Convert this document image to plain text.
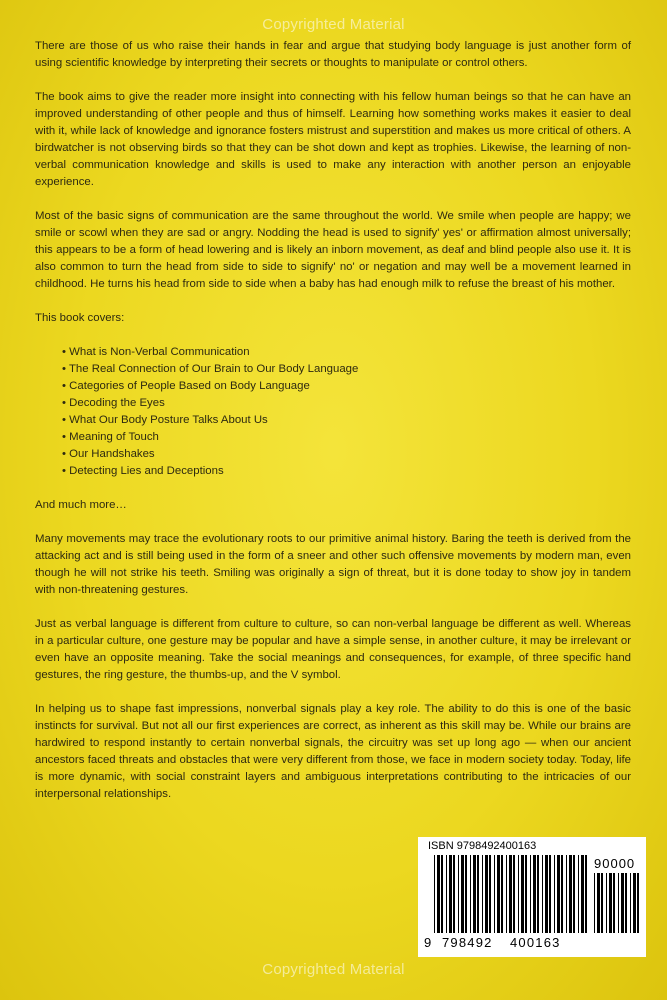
Copyrighted Material

There are those of us who raise their hands in fear and argue that studying body language is just another form of using scientific knowledge by interpreting their secrets or thoughts to manipulate or control others.

The book aims to give the reader more insight into connecting with his fellow human beings so that he can have an improved understanding of other people and thus of himself. Learning how something works makes it easier to deal with it, while lack of knowledge and ignorance fosters mistrust and superstition and makes us more critical of others. A birdwatcher is not observing birds so that they can be shot down and kept as trophies. Likewise, the learning of non-verbal communication knowledge and skills is used to make any interaction with another person an enjoyable experience.

Most of the basic signs of communication are the same throughout the world. We smile when people are happy; we smile or scowl when they are sad or angry. Nodding the head is used to signify' yes' or affirmation almost universally; this appears to be a form of head lowering and is likely an inborn movement, as deaf and blind people also use it. It is also common to turn the head from side to side to signify' no' or negation and may well be a movement learned in childhood. He turns his head from side to side when a baby has had enough milk to refuse the breast of his mother.

This book covers:

• What is Non-Verbal Communication
• The Real Connection of Our Brain to Our Body Language
• Categories of People Based on Body Language
• Decoding the Eyes
• What Our Body Posture Talks About Us
• Meaning of Touch
• Our Handshakes
• Detecting Lies and Deceptions

And much more…

Many movements may trace the evolutionary roots to our primitive animal history. Baring the teeth is derived from the attacking act and is still being used in the form of a sneer and other such offensive movements by modern man, even though he will not strike his teeth. Smiling was originally a sign of threat, but it is done today to show joy in tandem with non-threatening gestures.

Just as verbal language is different from culture to culture, so can non-verbal language be different as well. Whereas in a particular culture, one gesture may be popular and have a simple sense, in another culture, it may be irrelevant or even have an opposite meaning. Take the social meanings and consequences, for example, of three specific hand gestures, the ring gesture, the thumbs-up, and the V symbol.

In helping us to shape fast impressions, nonverbal signals play a key role. The ability to do this is one of the basic instincts for survival. But not all our first experiences are correct, as inherent as this skill may be. While our brains are hardwired to respond instantly to certain nonverbal signals, the circuitry was set up long ago — when our ancient ancestors faced threats and obstacles that were very different from those, we face in modern society today. Today, life is more dynamic, with social constraint layers and ambiguous interpretations contributing to the intricacies of our interpersonal relationships.

ISBN 9798492400163
90000
9 798492 400163
Copyrighted Material
